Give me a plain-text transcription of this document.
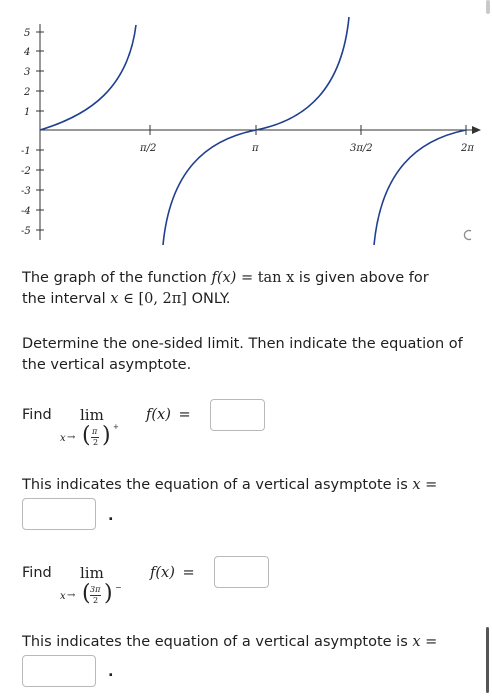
5
4
3
2
1
-1
-2
-3
-4
-5
π/2	π	3π/2	2π
The graph of the function f(x) = tan x is given above for
the interval x ∈ [0, 2π] ONLY.
Determine the one-sided limit. Then indicate the equation of the vertical asymptote.
Find lim
x → ( π
2 ) +
f(x) =
This indicates the equation of a vertical asymptote is x =
.
Find lim
x → ( 3π
2 ) −
f(x) =
This indicates the equation of a vertical asymptote is x =
.
